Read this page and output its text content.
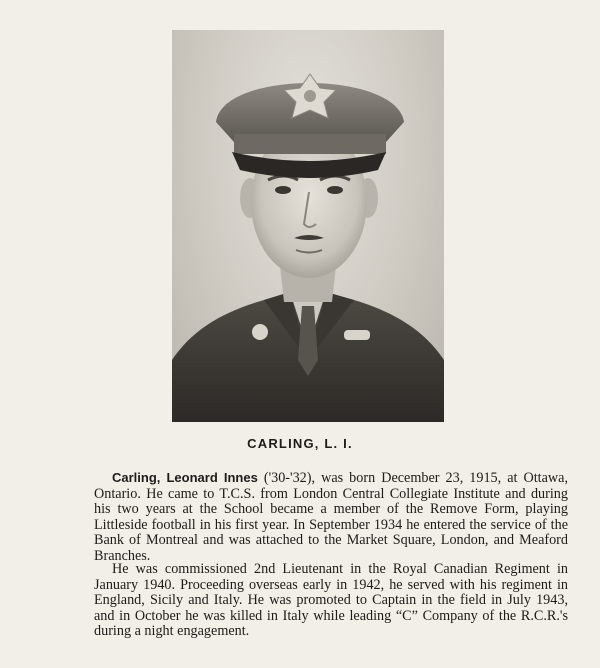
CARLING, L. I.

Carling, Leonard Innes ('30-'32), was born December 23, 1915, at Ottawa, Ontario. He came to T.C.S. from London Central Collegiate Institute and during his two years at the School became a member of the Remove Form, playing Littleside football in his first year. In September 1934 he entered the service of the Bank of Montreal and was attached to the Market Square, London, and Meaford Branches.

He was commissioned 2nd Lieutenant in the Royal Canadian Regiment in January 1940. Proceeding overseas early in 1942, he served with his regiment in England, Sicily and Italy. He was promoted to Captain in the field in July 1943, and in October he was killed in Italy while leading “C” Company of the R.C.R.'s during a night engagement.
